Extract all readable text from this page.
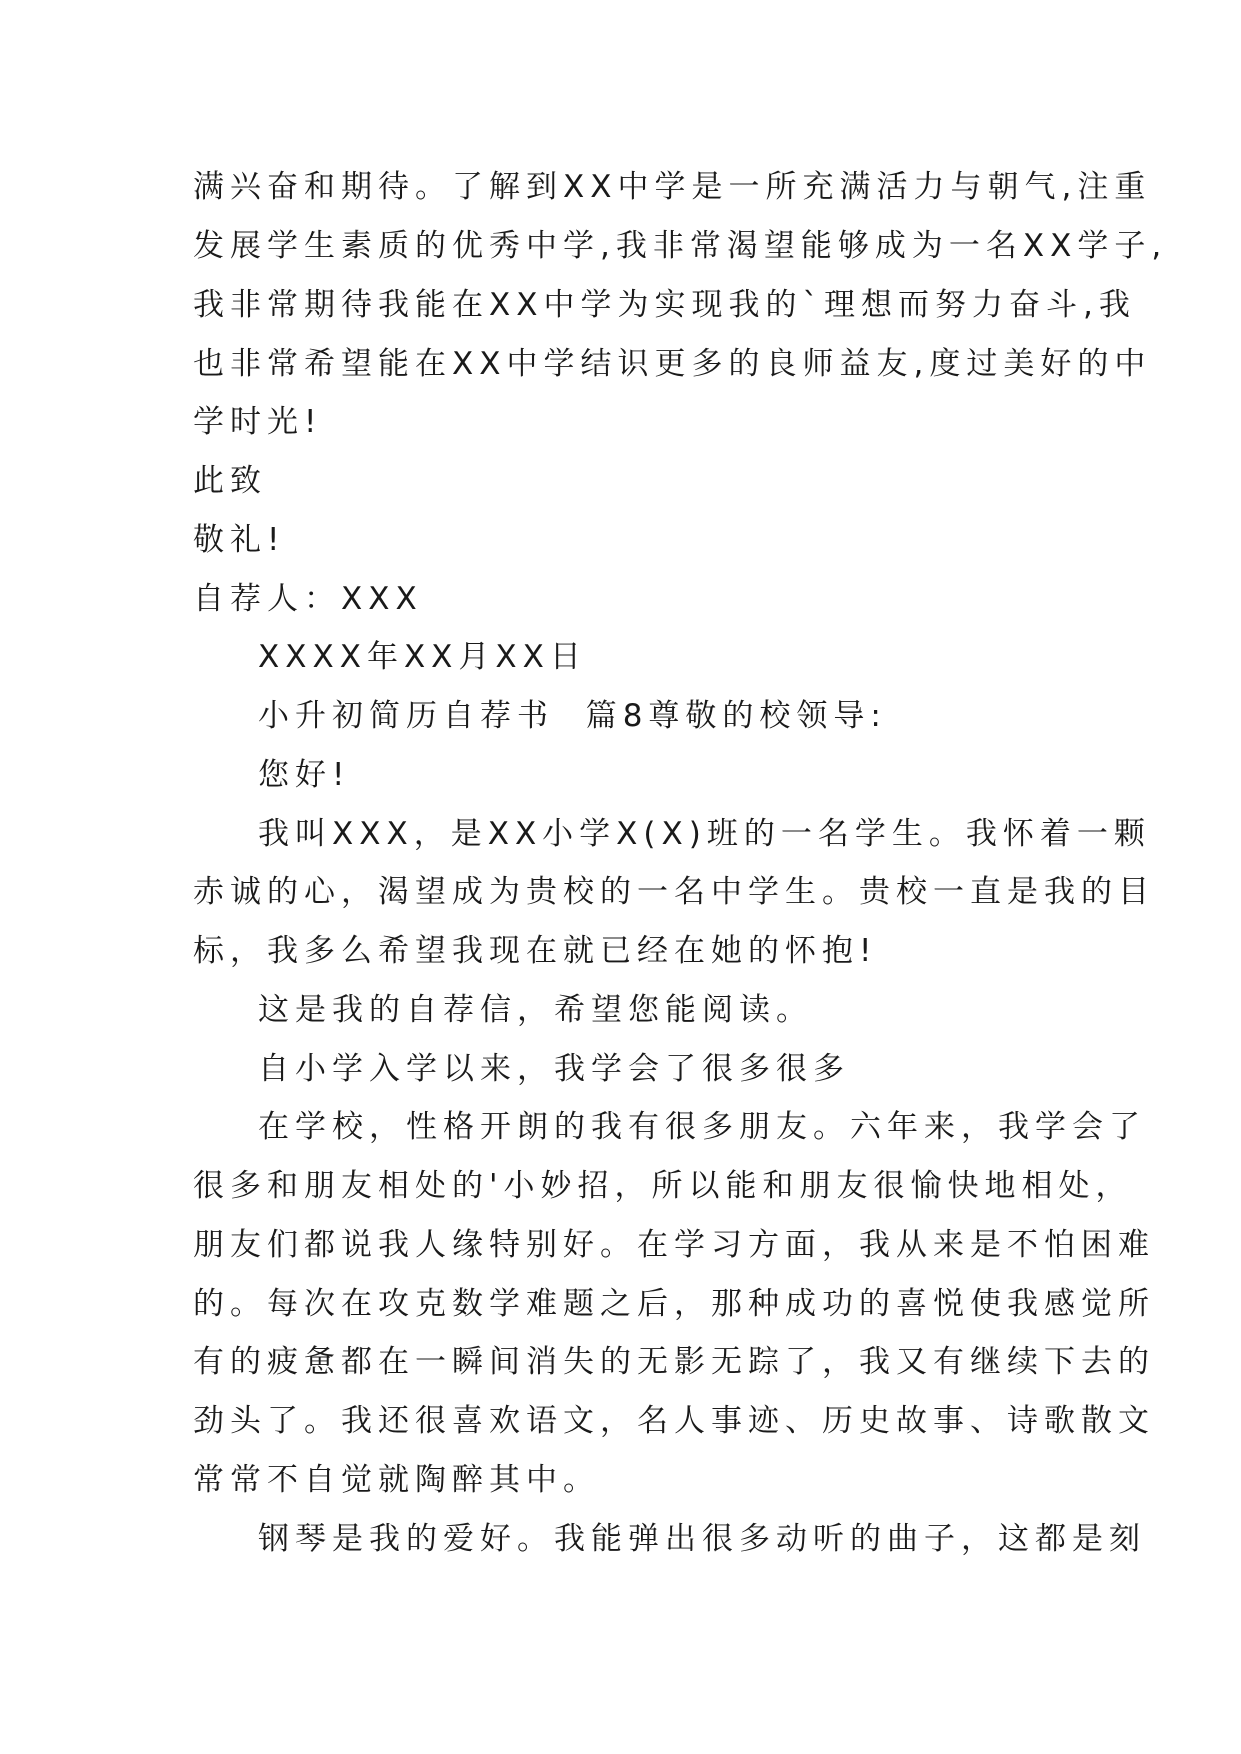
满兴奋和期待。了解到XX中学是一所充满活力与朝气,注重
发展学生素质的优秀中学,我非常渴望能够成为一名XX学子,
我非常期待我能在XX中学为实现我的`理想而努力奋斗,我
也非常希望能在XX中学结识更多的良师益友,度过美好的中
学时光!
此致
敬礼!
自荐人：XXX
XXXX年XX月XX日
小升初简历自荐书  篇8尊敬的校领导:
您好!
我叫XXX，是XX小学X(X)班的一名学生。我怀着一颗
赤诚的心，渴望成为贵校的一名中学生。贵校一直是我的目
标，我多么希望我现在就已经在她的怀抱!
这是我的自荐信，希望您能阅读。
自小学入学以来，我学会了很多很多
在学校，性格开朗的我有很多朋友。六年来，我学会了
很多和朋友相处的'小妙招，所以能和朋友很愉快地相处，
朋友们都说我人缘特别好。在学习方面，我从来是不怕困难
的。每次在攻克数学难题之后，那种成功的喜悦使我感觉所
有的疲惫都在一瞬间消失的无影无踪了，我又有继续下去的
劲头了。我还很喜欢语文，名人事迹、历史故事、诗歌散文
常常不自觉就陶醉其中。
钢琴是我的爱好。我能弹出很多动听的曲子，这都是刻
